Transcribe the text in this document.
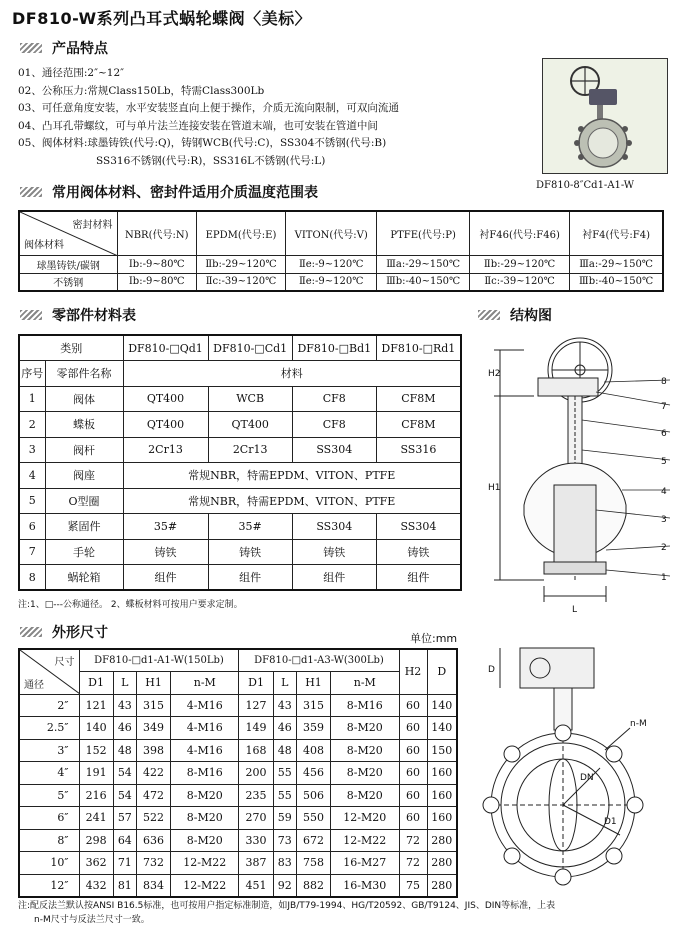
DF810-W系列凸耳式蜗轮蝶阀〈美标〉
产品特点
01、通径范围:2″~12″
02、公称压力:常规Class150Lb，特需Class300Lb
03、可任意角度安装，水平安装竖直向上便于操作，介质无流向限制，可双向流通
04、凸耳孔带螺纹，可与单片法兰连接安装在管道末端，也可安装在管道中间
05、阀体材料:球墨铸铁(代号:Q)，铸钢WCB(代号:C)，SS304不锈钢(代号:B)
SS316不锈钢(代号:R)，SS316L不锈钢(代号:L)
DF810-8″Cd1-A1-W
常用阀体材料、密封件适用介质温度范围表
密封材料
阀体材料	NBR(代号:N)	EPDM(代号:E)	VITON(代号:V)	PTFE(代号:P)	衬F46(代号:F46)	衬F4(代号:F4)
球墨铸铁/碳钢	Ⅰb:-9~80℃	Ⅱb:-29~120℃	Ⅱe:-9~120℃	Ⅲa:-29~150℃	Ⅱb:-29~120℃	Ⅲa:-29~150℃
不锈钢	Ⅰb:-9~80℃	Ⅱc:-39~120℃	Ⅱe:-9~120℃	Ⅲb:-40~150℃	Ⅱc:-39~120℃	Ⅲb:-40~150℃
零部件材料表	结构图
类别		DF810-□Qd1	DF810-□Cd1	DF810-□Bd1	DF810-□Rd1
序号	零部件名称	材料			
1	阀体	QT400	WCB	CF8	CF8M
2	蝶板	QT400	QT400	CF8	CF8M
3	阀杆	2Cr13	2Cr13	SS304	SS316
4	阀座	常规NBR，特需EPDM、VITON、PTFE			
5	O型圈	常规NBR，特需EPDM、VITON、PTFE			
6	紧固件	35#	35#	SS304	SS304
7	手轮	铸铁	铸铁	铸铁	铸铁
8	蜗轮箱	组件	组件	组件	组件
注:1、□---公称通径。 2、蝶板材料可按用户要求定制。
8
7
6
5
4
3
2
1
H2
H1
L
外形尺寸	单位:mm
尺寸
通径	DF810-□d1-A1-W(150Lb)				DF810-□d1-A3-W(300Lb)				H2	D
	D1	L	H1	n-M	D1	L	H1	n-M		
2″	121	43	315	4-M16	127	43	315	8-M16	60	140
2.5″	140	46	349	4-M16	149	46	359	8-M20	60	140
3″	152	48	398	4-M16	168	48	408	8-M20	60	150
4″	191	54	422	8-M16	200	55	456	8-M20	60	160
5″	216	54	472	8-M20	235	55	506	8-M20	60	160
6″	241	57	522	8-M20	270	59	550	12-M20	60	160
8″	298	64	636	8-M20	330	73	672	12-M22	72	280
10″	362	71	732	12-M22	387	83	758	16-M27	72	280
12″	432	81	834	12-M22	451	92	882	16-M30	75	280
注:配反法兰默认按ANSI B16.5标准，也可按用户指定标准制造，如JB/T79-1994、HG/T20592、GB/T9124、JIS、DIN等标准，上表
n-M尺寸与反法兰尺寸一致。
D
n-M
DN
D1
